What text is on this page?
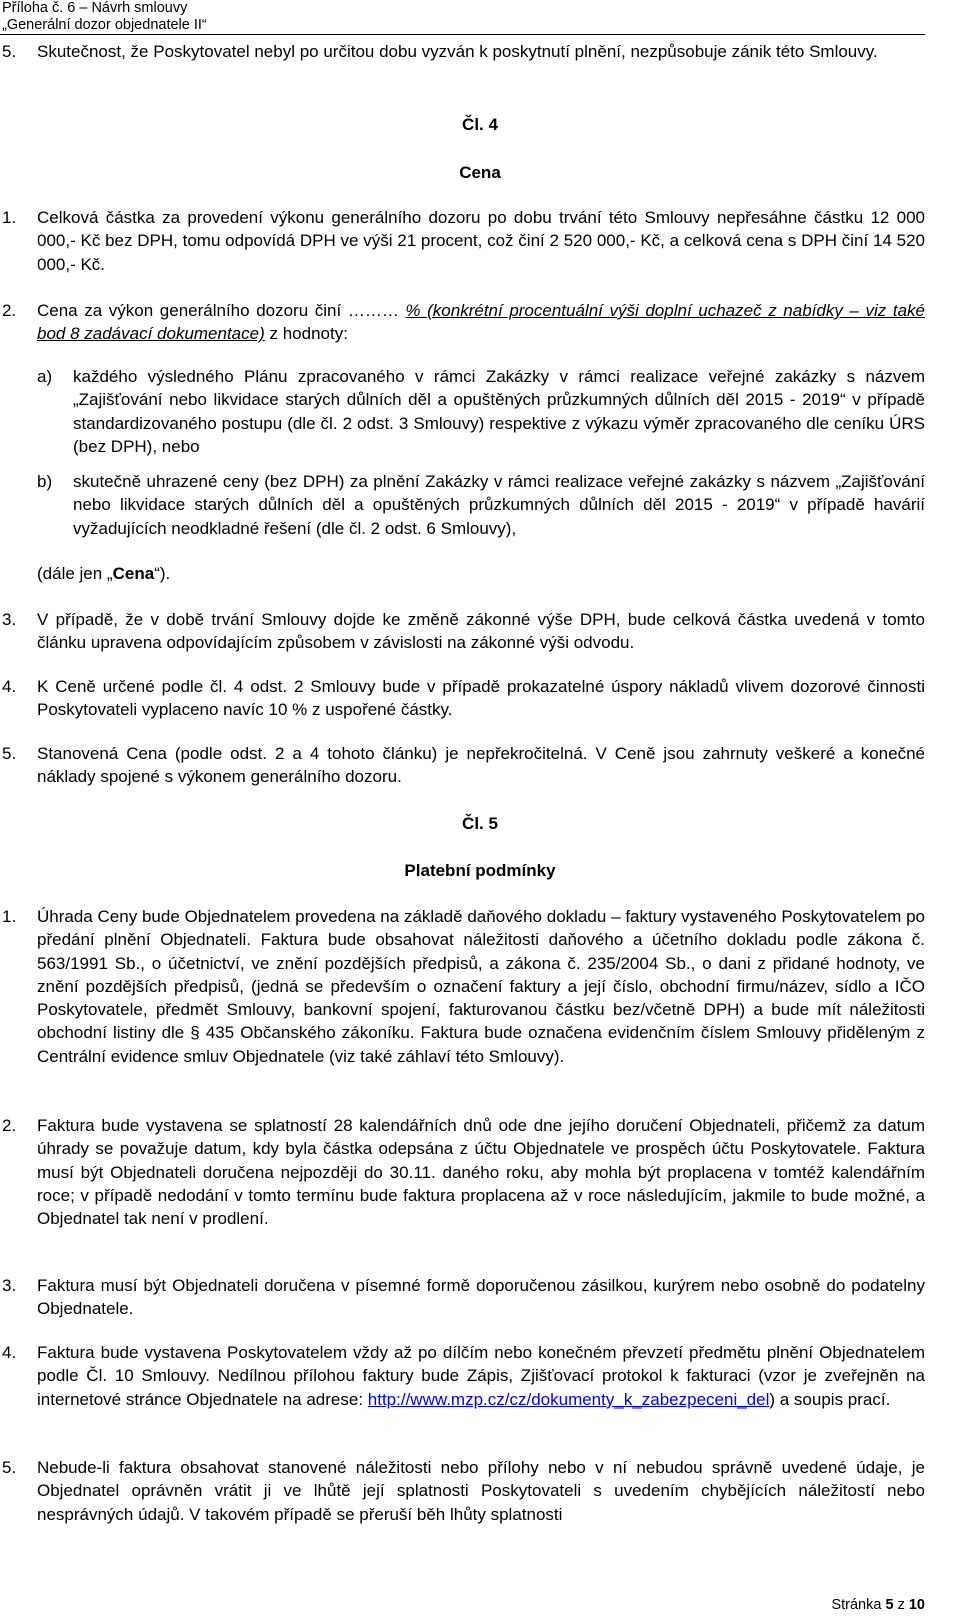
Příloha č. 6 – Návrh smlouvy
„Generální dozor objednatele II“
5. Skutečnost, že Poskytovatel nebyl po určitou dobu vyzván k poskytnutí plnění, nezpůsobuje zánik této Smlouvy.
Čl. 4
Cena
1. Celková částka za provedení výkonu generálního dozoru po dobu trvání této Smlouvy nepřesáhne částku 12 000 000,- Kč bez DPH, tomu odpovídá DPH ve výši 21 procent, což činí 2 520 000,- Kč, a celková cena s DPH činí 14 520 000,- Kč.
2. Cena za výkon generálního dozoru činí ……… % (konkrétní procentuální výši doplní uchazeč z nabídky – viz také bod 8 zadávací dokumentace) z hodnoty:
a) každého výsledného Plánu zpracovaného v rámci Zakázky v rámci realizace veřejné zakázky s názvem „Zajišťování nebo likvidace starých důlních děl a opuštěných průzkumných důlních děl 2015 - 2019“ v případě standardizovaného postupu (dle čl. 2 odst. 3 Smlouvy) respektive z výkazu výměr zpracovaného dle ceníku ÚRS (bez DPH), nebo
b) skutečně uhrazené ceny (bez DPH) za plnění Zakázky v rámci realizace veřejné zakázky s názvem „Zajišťování nebo likvidace starých důlních děl a opuštěných průzkumných důlních děl 2015 - 2019“ v případě havárií vyžadujících neodkladné řešení (dle čl. 2 odst. 6 Smlouvy),
(dále jen „Cena“).
3. V případě, že v době trvání Smlouvy dojde ke změně zákonné výše DPH, bude celková částka uvedená v tomto článku upravena odpovídajícím způsobem v závislosti na zákonné výši odvodu.
4. K Ceně určené podle čl. 4 odst. 2 Smlouvy bude v případě prokazatelné úspory nákladů vlivem dozorové činnosti Poskytovateli vyplaceno navíc 10 % z uspořené částky.
5. Stanovená Cena (podle odst. 2 a 4 tohoto článku) je nepřekročitelná. V Ceně jsou zahrnuty veškeré a konečné náklady spojené s výkonem generálního dozoru.
Čl. 5
Platební podmínky
1. Úhrada Ceny bude Objednatelem provedena na základě daňového dokladu – faktury vystaveného Poskytovatelem po předání plnění Objednateli. Faktura bude obsahovat náležitosti daňového a účetního dokladu podle zákona č. 563/1991 Sb., o účetnictví, ve znění pozdějších předpisů, a zákona č. 235/2004 Sb., o dani z přidané hodnoty, ve znění pozdějších předpisů, (jedná se především o označení faktury a její číslo, obchodní firmu/název, sídlo a IČO Poskytovatele, předmět Smlouvy, bankovní spojení, fakturovanou částku bez/včetně DPH) a bude mít náležitosti obchodní listiny dle § 435 Občanského zákoníku. Faktura bude označena evidenčním číslem Smlouvy přiděleným z Centrální evidence smluv Objednatele (viz také záhlaví této Smlouvy).
2. Faktura bude vystavena se splatností 28 kalendářních dnů ode dne jejího doručení Objednateli, přičemž za datum úhrady se považuje datum, kdy byla částka odepsána z účtu Objednatele ve prospěch účtu Poskytovatele. Faktura musí být Objednateli doručena nejpozději do 30.11. daného roku, aby mohla být proplacena v tomtéž kalendářním roce; v případě nedodání v tomto termínu bude faktura proplacena až v roce následujícím, jakmile to bude možné, a Objednatel tak není v prodlení.
3. Faktura musí být Objednateli doručena v písemné formě doporučenou zásilkou, kurýrem nebo osobně do podatelny Objednatele.
4. Faktura bude vystavena Poskytovatelem vždy až po dílčím nebo konečném převzetí předmětu plnění Objednatelem podle Čl. 10 Smlouvy. Nedílnou přílohou faktury bude Zápis, Zjišťovací protokol k fakturaci (vzor je zveřejněn na internetové stránce Objednatele na adrese: http://www.mzp.cz/cz/dokumenty_k_zabezpeceni_del) a soupis prací.
5. Nebude-li faktura obsahovat stanovené náležitosti nebo přílohy nebo v ní nebudou správně uvedené údaje, je Objednatel oprávněn vrátit ji ve lhůtě její splatnosti Poskytovateli s uvedením chybějících náležitostí nebo nesprávných údajů. V takovém případě se přeruší běh lhůty splatnosti
Stránka 5 z 10
